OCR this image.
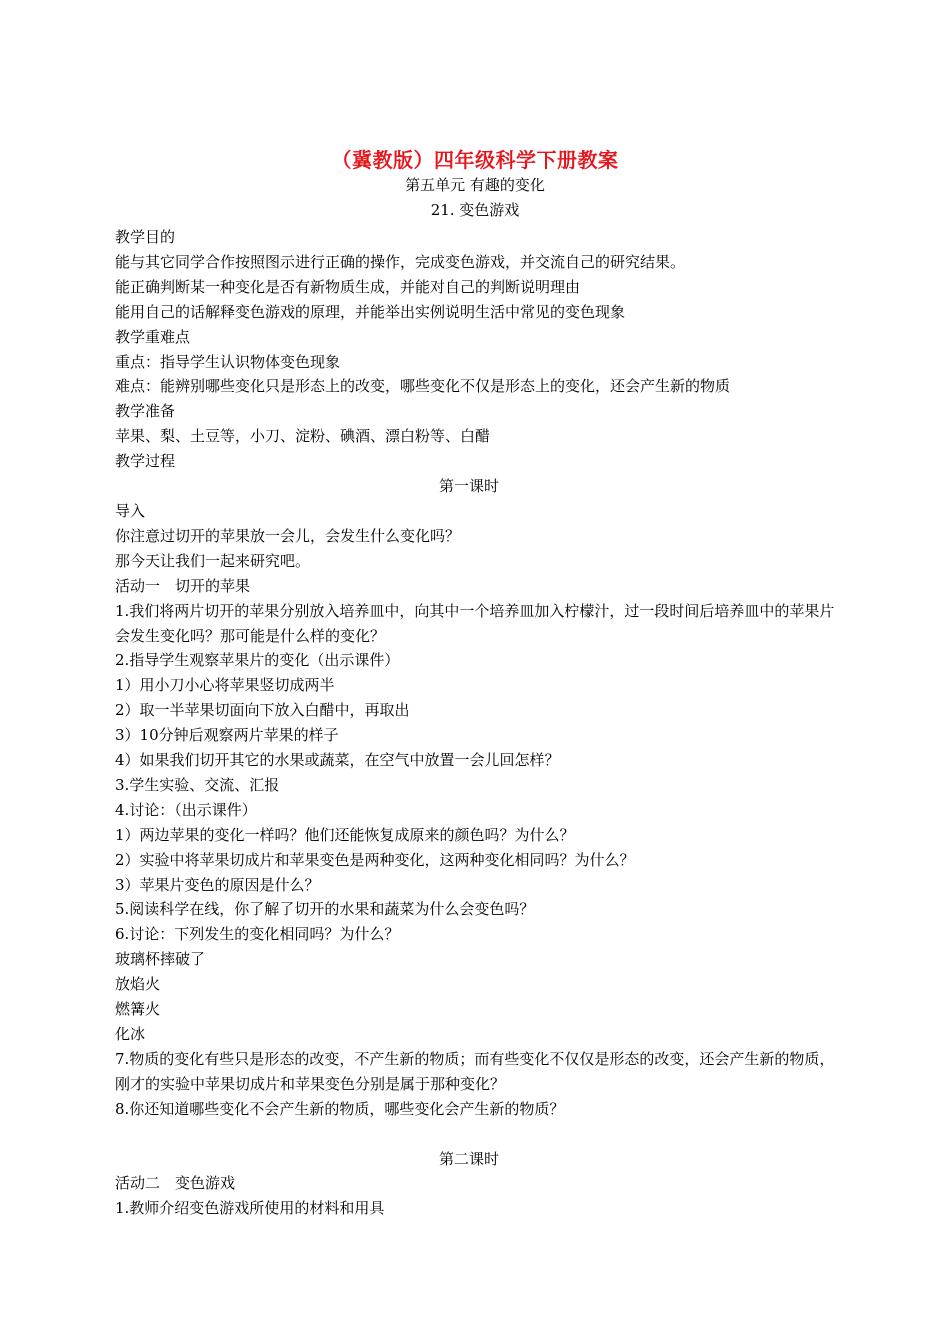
（冀教版）四年级科学下册教案
第五单元 有趣的变化
21. 变色游戏

教学目的

能与其它同学合作按照图示进行正确的操作，完成变色游戏，并交流自己的研究结果。

能正确判断某一种变化是否有新物质生成，并能对自己的判断说明理由

能用自己的话解释变色游戏的原理，并能举出实例说明生活中常见的变色现象

教学重难点

重点：指导学生认识物体变色现象

难点：能辨别哪些变化只是形态上的改变，哪些变化不仅是形态上的变化，还会产生新的物质

教学准备

苹果、梨、土豆等，小刀、淀粉、碘酒、漂白粉等、白醋

教学过程

第一课时

导入

你注意过切开的苹果放一会儿，会发生什么变化吗？

那今天让我们一起来研究吧。

活动一　切开的苹果

1.我们将两片切开的苹果分别放入培养皿中，向其中一个培养皿加入柠檬汁，过一段时间后培养皿中的苹果片会发生变化吗？那可能是什么样的变化？

2.指导学生观察苹果片的变化（出示课件）

1）用小刀小心将苹果竖切成两半

2）取一半苹果切面向下放入白醋中，再取出

3）10分钟后观察两片苹果的样子

4）如果我们切开其它的水果或蔬菜，在空气中放置一会儿回怎样？

3.学生实验、交流、汇报

4.讨论：（出示课件）

1）两边苹果的变化一样吗？他们还能恢复成原来的颜色吗？为什么？

2）实验中将苹果切成片和苹果变色是两种变化，这两种变化相同吗？为什么？

3）苹果片变色的原因是什么？

5.阅读科学在线，你了解了切开的水果和蔬菜为什么会变色吗？

6.讨论：下列发生的变化相同吗？为什么？

玻璃杯摔破了

放焰火

燃篝火

化冰

7.物质的变化有些只是形态的改变，不产生新的物质；而有些变化不仅仅是形态的改变，还会产生新的物质，刚才的实验中苹果切成片和苹果变色分别是属于那种变化？

8.你还知道哪些变化不会产生新的物质，哪些变化会产生新的物质？

第二课时

活动二　变色游戏

1.教师介绍变色游戏所使用的材料和用具
